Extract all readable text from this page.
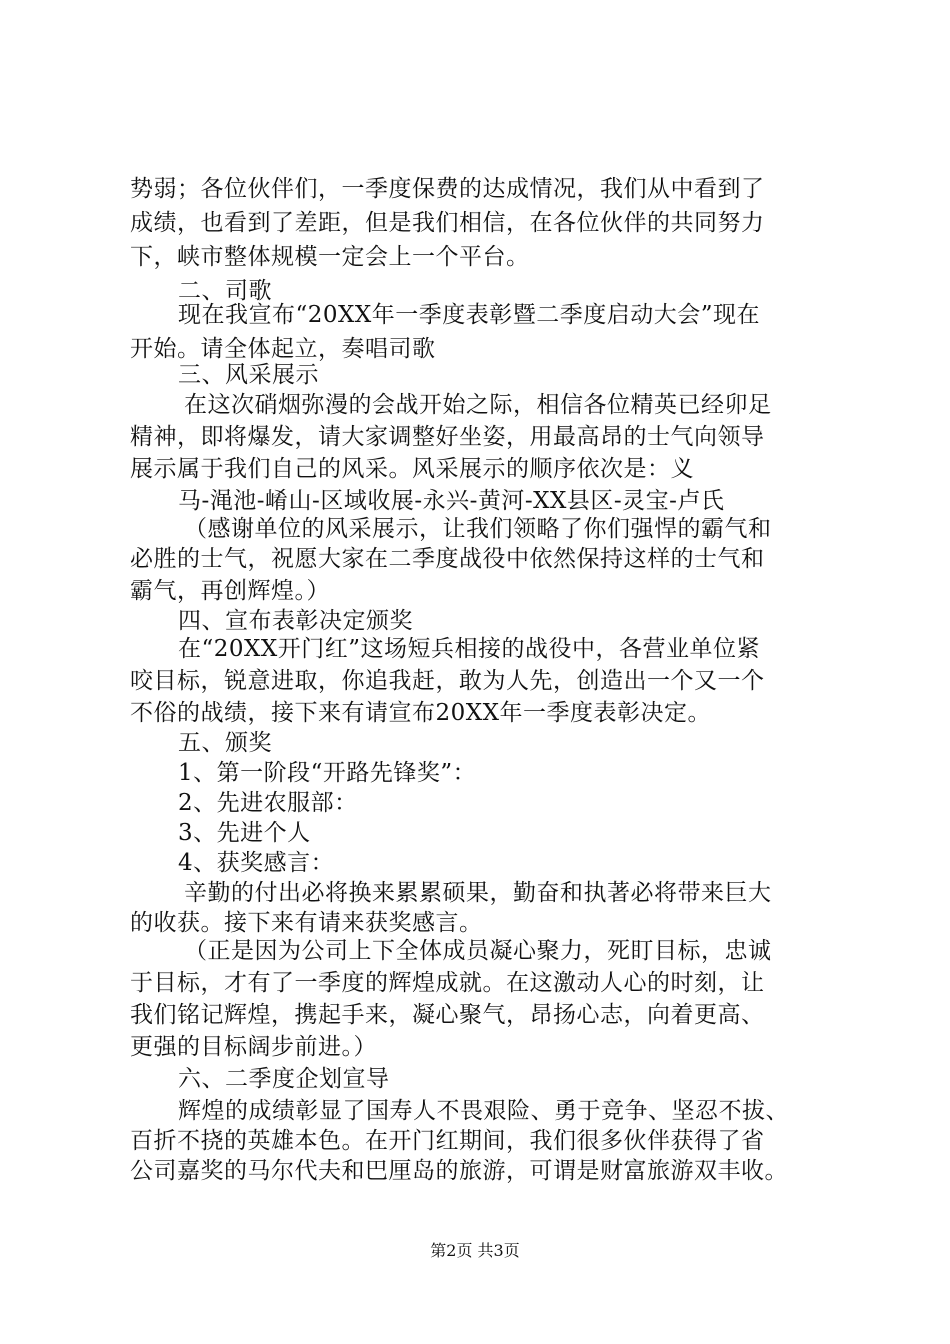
势弱；各位伙伴们，一季度保费的达成情况，我们从中看到了
成绩，也看到了差距，但是我们相信，在各位伙伴的共同努力
下，峡市整体规模一定会上一个平台。
二、司歌
现在我宣布“20XX年一季度表彰暨二季度启动大会”现在
开始。请全体起立，奏唱司歌
三、风采展示
在这次硝烟弥漫的会战开始之际，相信各位精英已经卯足
精神，即将爆发，请大家调整好坐姿，用最高昂的士气向领导
展示属于我们自己的风采。风采展示的顺序依次是：义
马-渑池-崤山-区域收展-永兴-黄河-XX县区-灵宝-卢氏
（感谢单位的风采展示，让我们领略了你们强悍的霸气和
必胜的士气，祝愿大家在二季度战役中依然保持这样的士气和
霸气，再创辉煌。）
四、宣布表彰决定颁奖
在“20XX开门红”这场短兵相接的战役中，各营业单位紧
咬目标，锐意进取，你追我赶，敢为人先，创造出一个又一个
不俗的战绩，接下来有请宣布20XX年一季度表彰决定。
五、颁奖
1、第一阶段“开路先锋奖”：
2、先进农服部：
3、先进个人
4、获奖感言：
辛勤的付出必将换来累累硕果，勤奋和执著必将带来巨大
的收获。接下来有请来获奖感言。
（正是因为公司上下全体成员凝心聚力，死盯目标，忠诚
于目标，才有了一季度的辉煌成就。在这激动人心的时刻，让
我们铭记辉煌，携起手来，凝心聚气，昂扬心志，向着更高、
更强的目标阔步前进。）
六、二季度企划宣导
辉煌的成绩彰显了国寿人不畏艰险、勇于竞争、坚忍不拔、
百折不挠的英雄本色。在开门红期间，我们很多伙伴获得了省
公司嘉奖的马尔代夫和巴厘岛的旅游，可谓是财富旅游双丰收。
第2页 共3页
